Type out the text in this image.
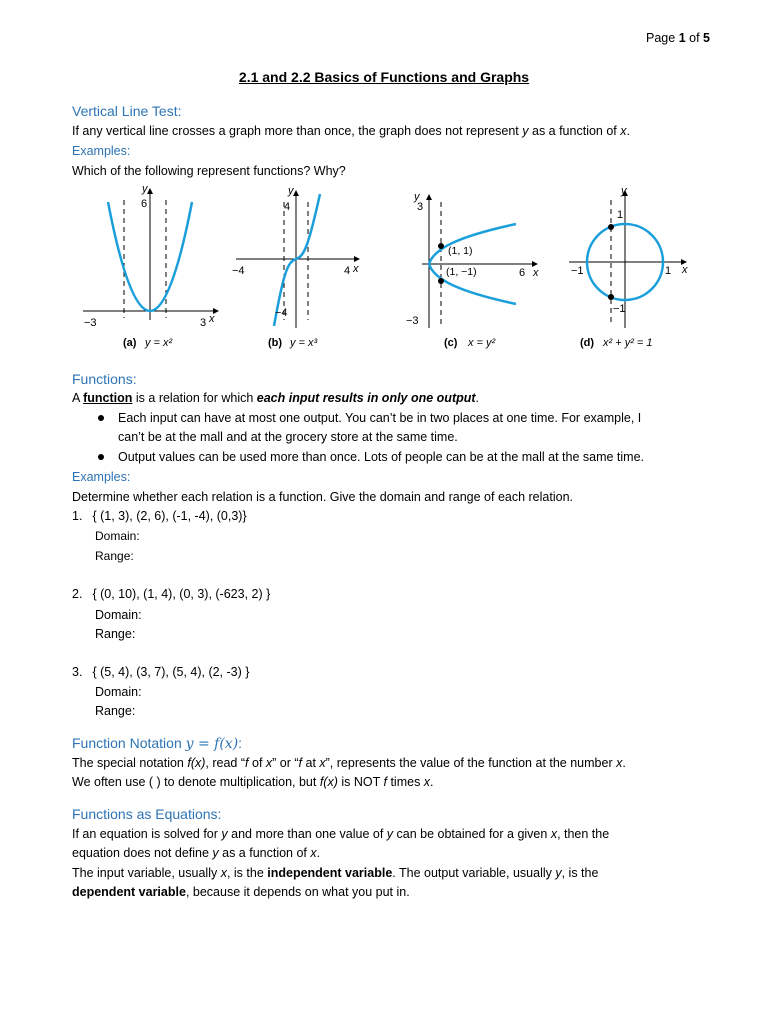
Page 1 of 5
2.1 and 2.2 Basics of Functions and Graphs
Vertical Line Test:
If any vertical line crosses a graph more than once, the graph does not represent y as a function of x.
Examples:
Which of the following represent functions? Why?
6
y
−3	3 x
(a) y = x²
4
y
−4
−4	4 x
(b) y = x³
3
y
−3
(1, 1)
(1, −1)	6 x
(c) x = y²
1
y
−1
−1	1 x
(d) x² + y² = 1
Functions:
A function is a relation for which each input results in only one output.
Each input can have at most one output. You can’t be in two places at one time. For example, I
can’t be at the mall and at the grocery store at the same time.
Output values can be used more than once. Lots of people can be at the mall at the same time.
Examples:
Determine whether each relation is a function. Give the domain and range of each relation.
1. { (1, 3), (2, 6), (-1, -4), (0,3)}
Domain:
Range:
2. { (0, 10), (1, 4), (0, 3), (-623, 2) }
Domain:
Range:
3. { (5, 4), (3, 7), (5, 4), (2, -3) }
Domain:
Range:
Function Notation y = f(x):
The special notation f(x), read “f of x” or “f at x”, represents the value of the function at the number x.
We often use ( ) to denote multiplication, but f(x) is NOT f times x.
Functions as Equations:
If an equation is solved for y and more than one value of y can be obtained for a given x, then the
equation does not define y as a function of x.
The input variable, usually x, is the independent variable. The output variable, usually y, is the
dependent variable, because it depends on what you put in.
